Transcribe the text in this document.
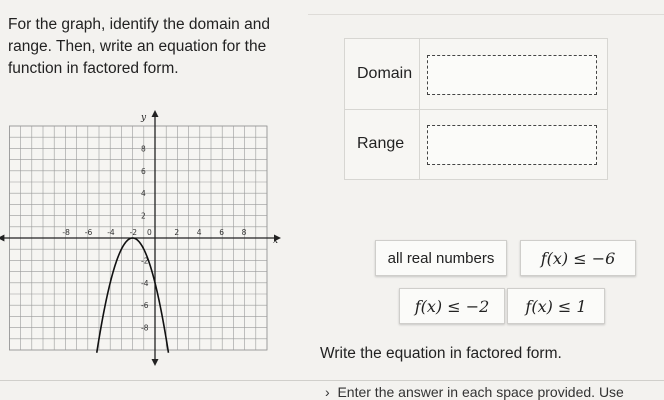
For the graph, identify the domain and range. Then, write an equation for the function in factored form.
x
y
-8 -6 -4 -2 0	2 4 6 8
8
6
4
2
-2
-4
-6
-8
Domain
Range
all real numbers	f(x) ≤ −6
f(x) ≤ −2 f(x) ≤ 1
Write the equation in factored form.
›  Enter the answer in each space provided. Use
